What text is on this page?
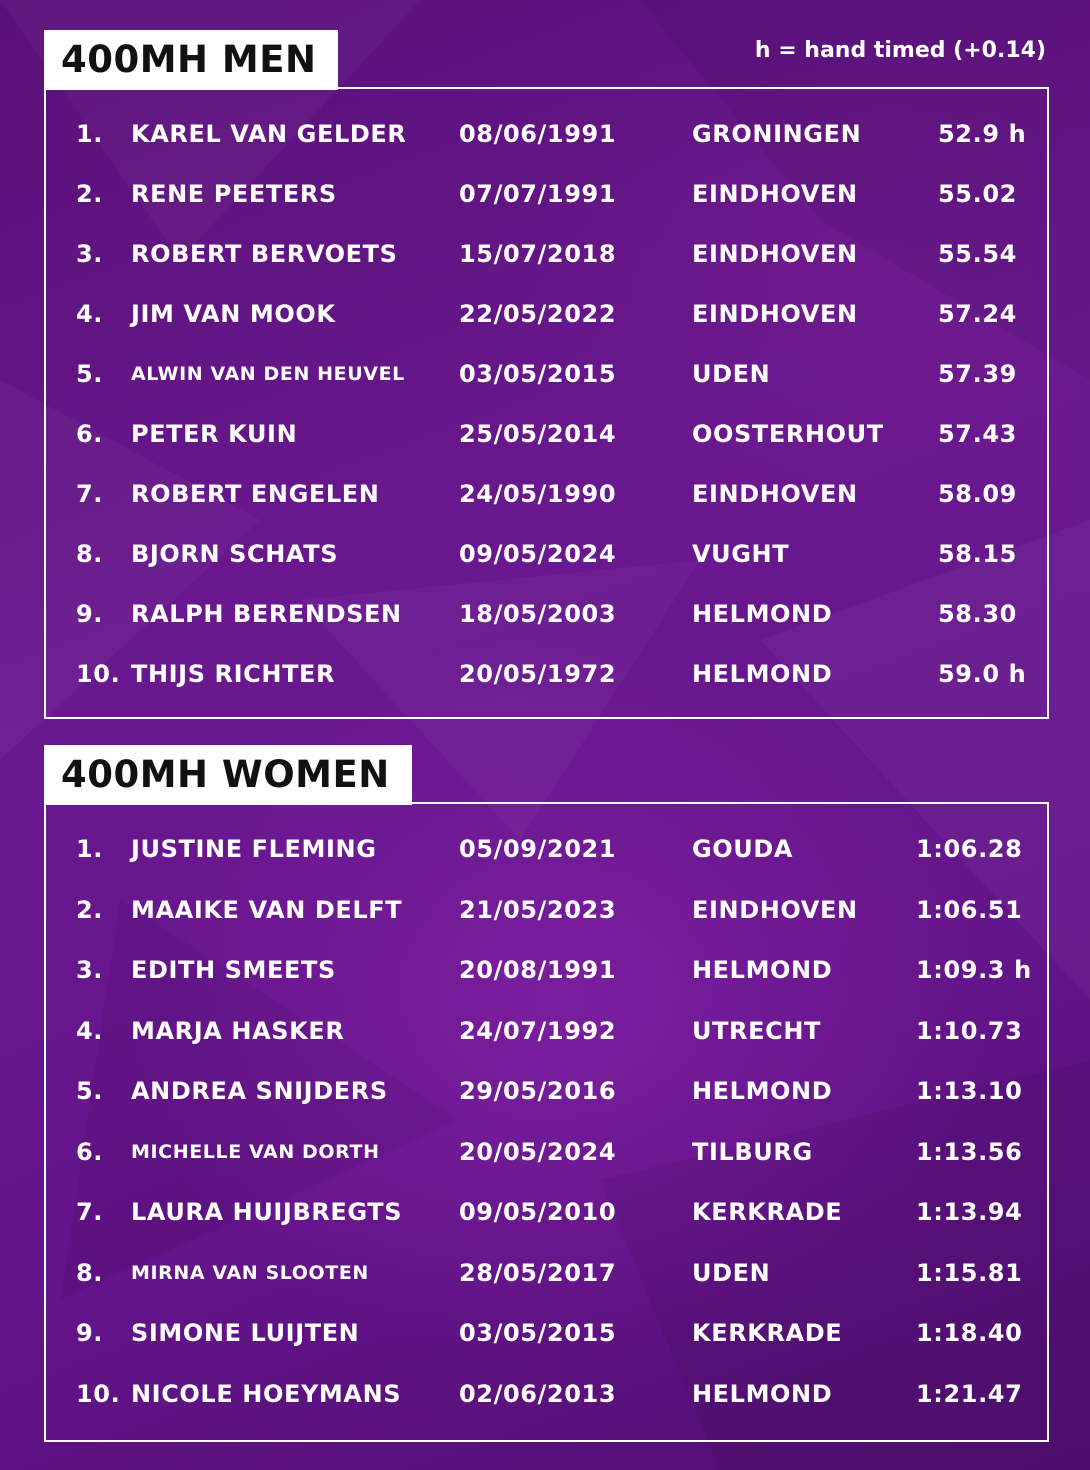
400MH MEN	h = hand timed (+0.14)
1. KAREL VAN GELDER 08/06/1991	GRONINGEN	52.9 h
2. RENE PEETERS	07/07/1991	EINDHOVEN	55.02
3. ROBERT BERVOETS	15/07/2018	EINDHOVEN	55.54
4. JIM VAN MOOK	22/05/2022	EINDHOVEN	57.24
5. ALWIN VAN DEN HEUVEL 03/05/2015	UDEN	57.39
6. PETER KUIN	25/05/2014	OOSTERHOUT 57.43
7. ROBERT ENGELEN	24/05/1990	EINDHOVEN	58.09
8. BJORN SCHATS	09/05/2024	VUGHT	58.15
9. RALPH BERENDSEN 18/05/2003	HELMOND	58.30
10. THIJS RICHTER	20/05/1972	HELMOND	59.0 h
400MH WOMEN
1. JUSTINE FLEMING	05/09/2021	GOUDA	1:06.28
2. MAAIKE VAN DELFT 21/05/2023	EINDHOVEN 1:06.51
3. EDITH SMEETS	20/08/1991	HELMOND	1:09.3 h
4. MARJA HASKER	24/07/1992	UTRECHT	1:10.73
5. ANDREA SNIJDERS	29/05/2016	HELMOND	1:13.10
6. MICHELLE VAN DORTH	20/05/2024	TILBURG	1:13.56
7. LAURA HUIJBREGTS 09/05/2010	KERKRADE	1:13.94
8. MIRNA VAN SLOOTEN	28/05/2017	UDEN	1:15.81
9. SIMONE LUIJTEN	03/05/2015	KERKRADE	1:18.40
10. NICOLE HOEYMANS 02/06/2013	HELMOND	1:21.47
